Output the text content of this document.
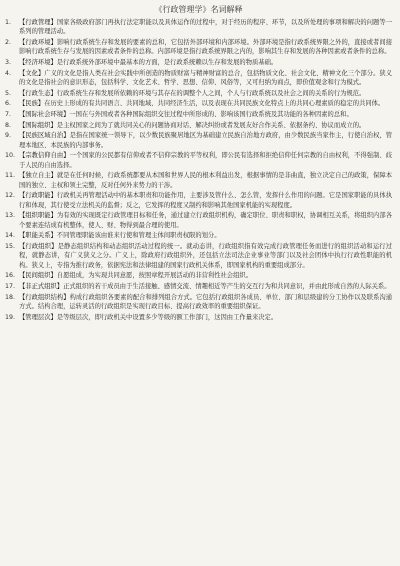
《行政管理学》名词解释
1.	【行政管理】国家各级政府部门再执行法定职能以及具体运作的过程中，对于经历的程序、环节，以及所处理的事项和解决的问题等一系列的管理活动。
2.	【行政环境】影响行政系统生存和发展的要素的总和，它包括外部环境和内部环境。外部环境是指行政系统界限之外的，直接或者间接影响行政系统生存与发展的因素或者条件的总称。内部环境是指行政系统界限之内的，影响其生存和发展的各种因素或者条件的总称。
3.	【经济环境】是行政系统外部环境中最基本的方面，是行政系统赖以生存和发展的物质基础。
4.	【文化】广义的文化是指人类在社会实践中所创造的物质财富与精神财富的总合，包括物质文化、社会文化、精神文化三个部分。狭义的文化是指社会的意识形态，包括科学、文化艺术、哲学、思想、信仰、风俗等，又可归纳为商点，即价值观念和行为模式。
5.	【行政生态】行政系统生存和发展所依赖的环境与其存在的调整个人之间，个人与行政系统以及社会之间的关系的行为规范。
6.	【民族】在历史上形成的有共同语言、共同地域、共同经济生活，以及表现在共同民族文化特点上的共同心理素质的稳定的共同体。
7.	【国际社会环境】一国在与外国或者各种国际组织交往过程中所形成的、影响该国行政系统及其功能的各种因素的总和。
8.	【国际组织】是主权国家之间为了就共同关心的问题协商对话、解决纠纷或者发展友好合作关系、依据条约、协议而成立的。
9.	【民族区域自治】是指在国家统一领导下，以少数民族聚居地区为基础建立民族自治地方政府，由少数民族当家作主，行使自治权，管理本地区、本民族的内部事务。
10. 【宗教信仰自由】一个国家的公民都有信仰或者不信仰宗教的平等权利，即公民有选择和拒绝信仰任何宗教的自由权利，不得强制、歧于人民的自由选择。
11. 【独立自主】就是在任何时候，行政系统都要从本国和世界人民的根本利益出发，根据事情的是非曲直，独立决定自己的政策，保障本国的独立、主权和领土完整，反对任何外来势力的干涉。
12. 【行政职能】行政机关再管理活动中的基本职责和功能作用，主要涉及管什么、怎么管，发挥什么作用的问题。它是国家职能的具体执行和体现，其行使受立法机关的监督；反之，它发挥的程度又制约和影响其他国家机能的实现程度。
13. 【组织职能】为有效的实现既定行政管理目标和任务，通过建立行政组织机构，确定职位、职责和职权，协调相互关系，将组织内部各个要素连结成有机整体，使人、财、物得到最合理的使用。
14. 【职能关系】不同管理职能该由谁来行使和管理主体间职责权限的划分。
15. 【行政组织】是静态组织结构和动态组织活动过程的统一。就动态讲，行政组织指有效完成行政管理任务而进行的组织活动和运行过程，就静态讲，有广义狭义之分。广义上，除政府行政组织外，还包括立法司法企业事业等部门以及社会团体中执行行政性职能的机构。狭义上，专指为推行政务，依据宪法和法律组建的国家行政机关体系，即国家机构的重要组成部分。
16. 【民间组织】自愿组成，为实现共同意愿，按照章程开展活动的非营利性社会组织。
17. 【非正式组织】正式组织的若干成员由于生活接触、感情交流、情趣相近等产生的交互行为和共同意识，并由此形成自然的人际关系。
18. 【行政组织结构】构成行政组织各要素的配合和排列组合方式。它包括行政组织各成员、单位、部门和层级建的分工协作以及联系沟通方式。结构合理，运转灵活的行政组织是实现行政目标、提高行政效率的重要组织保证。
19. 【管理层次】是等级层次，即行政机关中设置多少等级的额工作部门，这因由工作量来决定。
